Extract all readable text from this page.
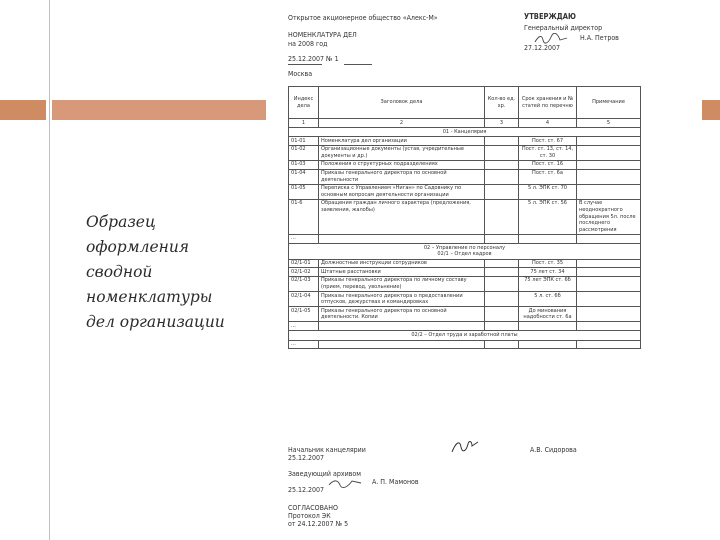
Образец
оформления
сводной
номенклатуры
дел организации
Открытое акционерное общество «Алекс-М»	УТВЕРЖДАЮ
Генеральный директор
Н.А. Петров
27.12.2007
НОМЕНКЛАТУРА ДЕЛ
на 2008 год
25.12.2007 № 1
Москва
Индекс дела	Заголовок дела	Кол-во ед. хр.	Срок хранения и № статей по перечню	Примечание
1	2	3	4	5
01 - Канцелярия				
01-01	Номенклатура дел организации		Пост. ст. 67	
01-02	Организационные документы (устав, учредительные документы и др.)		Пост. ст. 13, ст. 14, ст. 30	
01-03	Положения о структурных подразделениях		Пост. ст. 16	
01-04	Приказы генерального директора по основной деятельности		Пост. ст. 6а	
01-05	Переписка с Управлением «Ниган» по Садовнику по основным вопросам деятельности организации		5 л. ЭПК ст. 70	
01-6	Обращения граждан личного характера (предложения, заявления, жалобы)		5 л. ЭПК ст. 56	В случае неоднократного обращения 5л. после последнего рассмотрения
...				

02 – Управление по персоналу
02/1 – Отдел кадров				

02/1-01	Должностные инструкции сотрудников		Пост. ст. 35	
02/1-02	Штатные расстановки		75 лет ст. 34	
02/1-03	Приказы генерального директора по личному составу (прием, перевод, увольнение)		75 лет ЭПК ст. 6б	
02/1-04	Приказы генерального директора о предоставлении отпусков, дежурствах и командировках		5 л. ст. 6б	
02/1-05	Приказы генерального директора по основной деятельности. Копии		До минования надобности ст. 6а	
...				
02/2 – Отдел труда и заработной платы				
...				
Начальник канцелярии
25.12.2007
А.В. Сидорова
Заведующий архивом
А. П. Мамонов
25.12.2007
СОГЛАСОВАНО
Протокол ЭК
от 24.12.2007 № 5
